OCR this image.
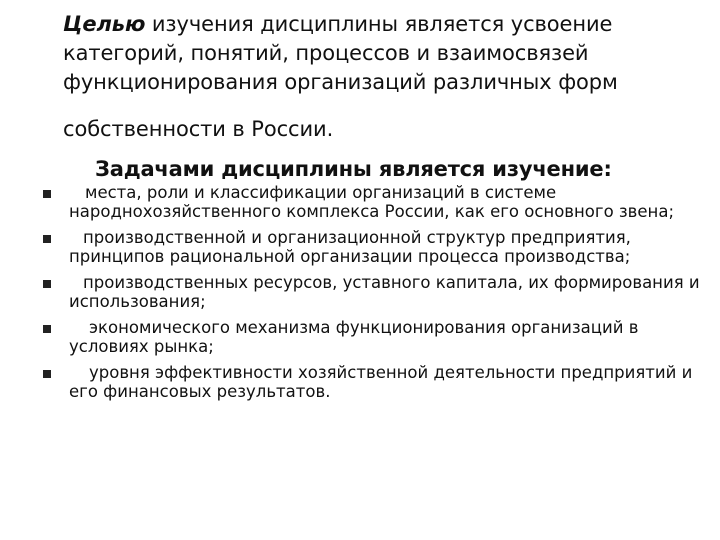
Целью изучения дисциплины является усвоение
категорий, понятий, процессов и взаимосвязей
функционирования организаций различных форм
собственности в России.
Задачами дисциплины является изучение:
места, роли и классификации организаций в системе народнохозяйственного комплекса России, как его основного звена;
производственной и организационной структур предприятия, принципов рациональной организации процесса производства;
производственных ресурсов, уставного капитала, их формирования и использования;
экономического механизма функционирования организаций в условиях рынка;
уровня эффективности хозяйственной деятельности предприятий и его финансовых результатов.
